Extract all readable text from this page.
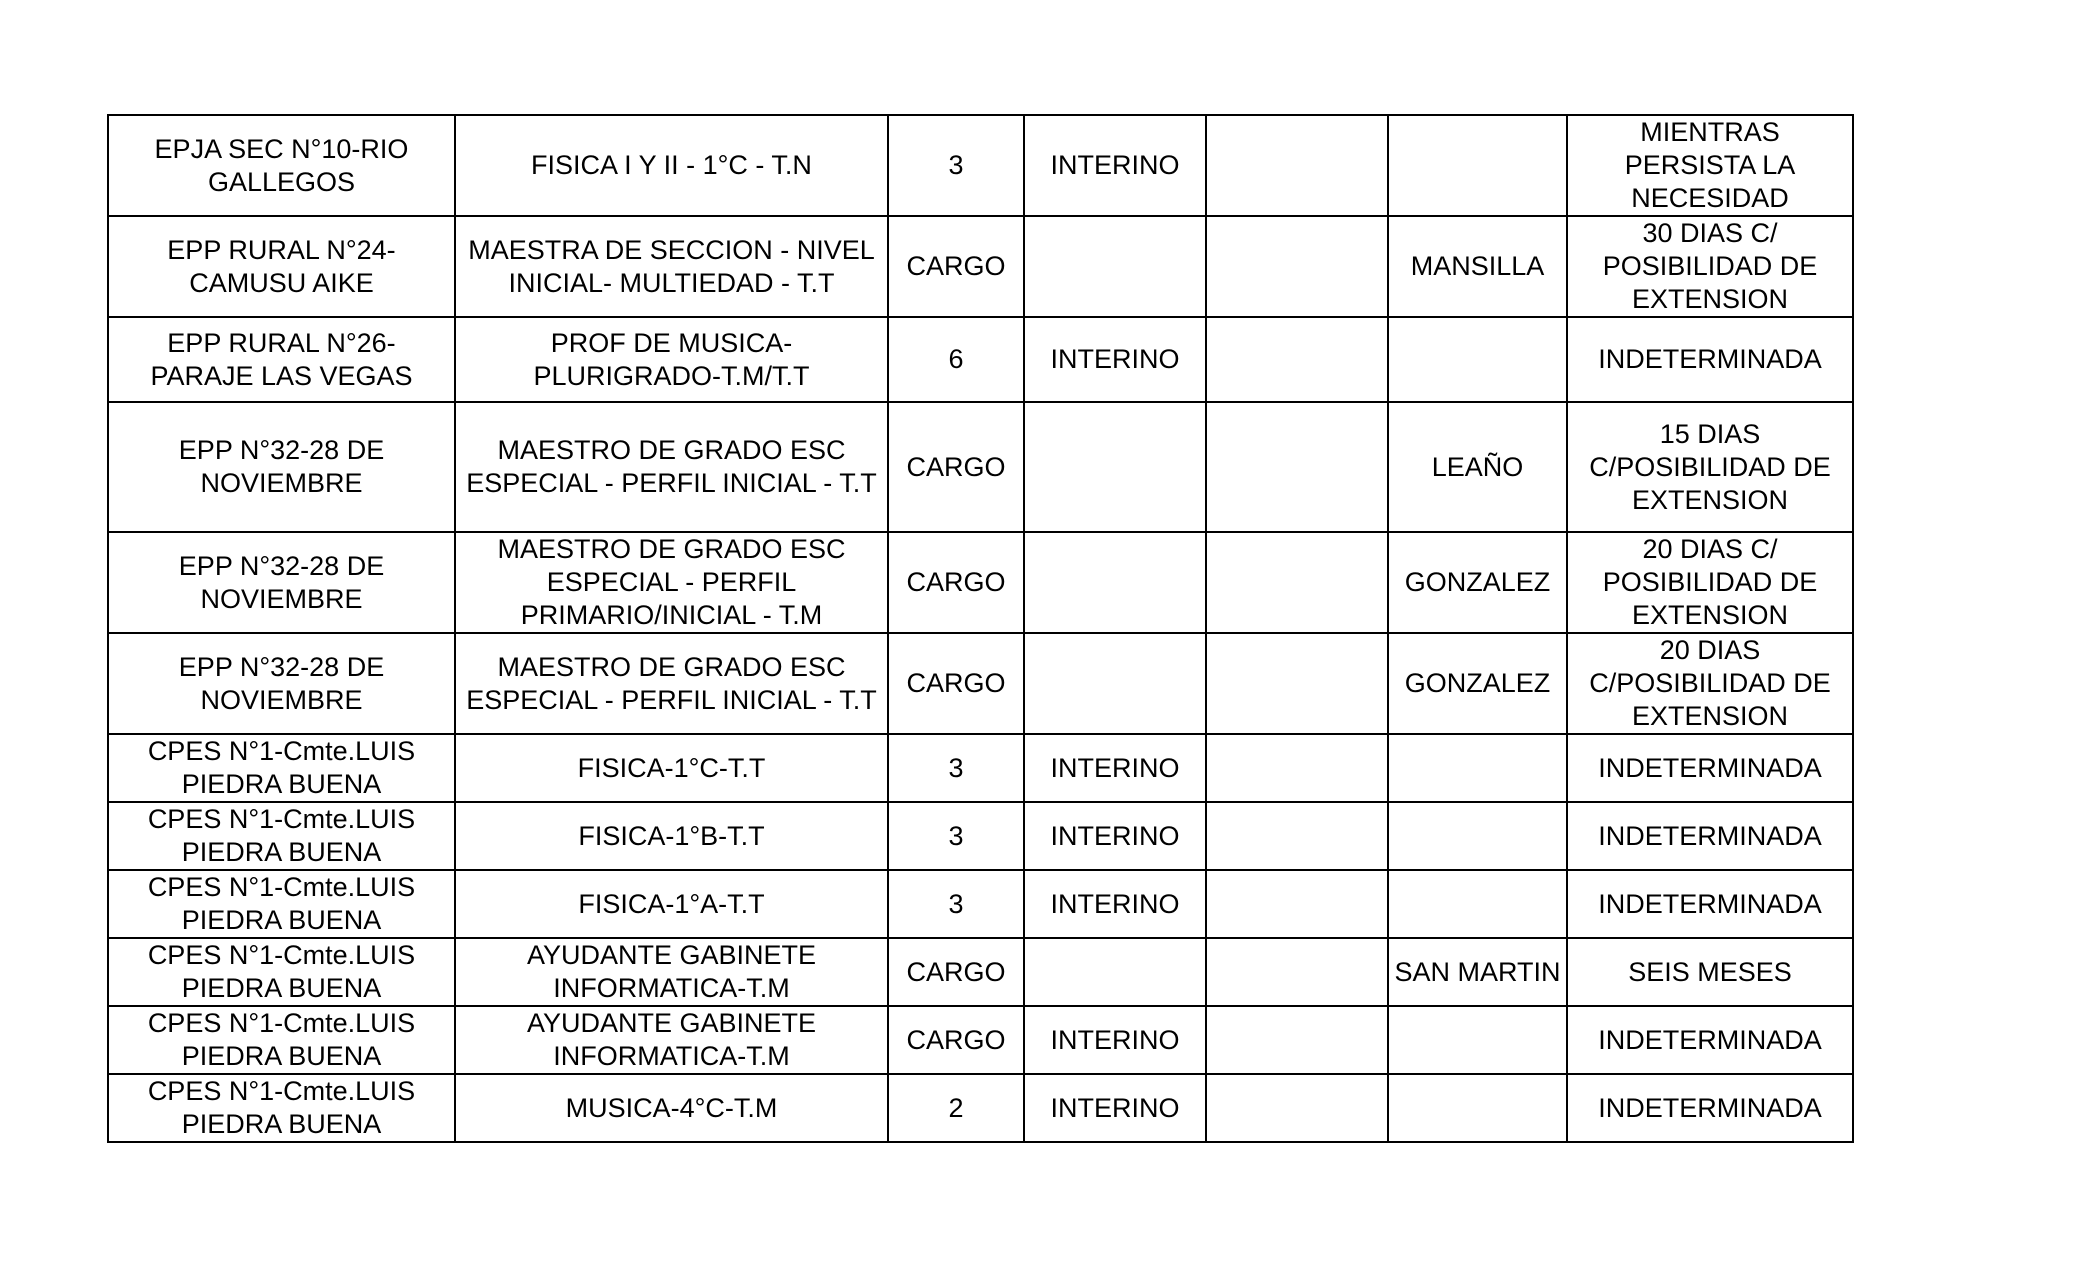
EPJA SEC N°10-RIO GALLEGOS	FISICA I Y II - 1°C - T.N	3	INTERINO			MIENTRAS PERSISTA LA NECESIDAD
EPP RURAL N°24- CAMUSU AIKE	MAESTRA DE SECCION - NIVEL INICIAL- MULTIEDAD - T.T	CARGO			MANSILLA	30 DIAS C/ POSIBILIDAD DE EXTENSION
EPP RURAL N°26- PARAJE LAS VEGAS	PROF DE MUSICA- PLURIGRADO-T.M/T.T	6	INTERINO			INDETERMINADA
EPP N°32-28 DE NOVIEMBRE	MAESTRO DE GRADO ESC ESPECIAL - PERFIL INICIAL - T.T	CARGO			LEAÑO	15 DIAS C/POSIBILIDAD DE EXTENSION
EPP N°32-28 DE NOVIEMBRE	MAESTRO DE GRADO ESC ESPECIAL - PERFIL PRIMARIO/INICIAL - T.M	CARGO			GONZALEZ	20 DIAS C/ POSIBILIDAD DE EXTENSION
EPP N°32-28 DE NOVIEMBRE	MAESTRO DE GRADO ESC ESPECIAL - PERFIL INICIAL - T.T	CARGO			GONZALEZ	20 DIAS C/POSIBILIDAD DE EXTENSION
CPES N°1-Cmte.LUIS PIEDRA BUENA	FISICA-1°C-T.T	3	INTERINO			INDETERMINADA
CPES N°1-Cmte.LUIS PIEDRA BUENA	FISICA-1°B-T.T	3	INTERINO			INDETERMINADA
CPES N°1-Cmte.LUIS PIEDRA BUENA	FISICA-1°A-T.T	3	INTERINO			INDETERMINADA
CPES N°1-Cmte.LUIS PIEDRA BUENA	AYUDANTE GABINETE INFORMATICA-T.M	CARGO			SAN MARTIN	SEIS MESES
CPES N°1-Cmte.LUIS PIEDRA BUENA	AYUDANTE GABINETE INFORMATICA-T.M	CARGO	INTERINO			INDETERMINADA
CPES N°1-Cmte.LUIS PIEDRA BUENA	MUSICA-4°C-T.M	2	INTERINO			INDETERMINADA
